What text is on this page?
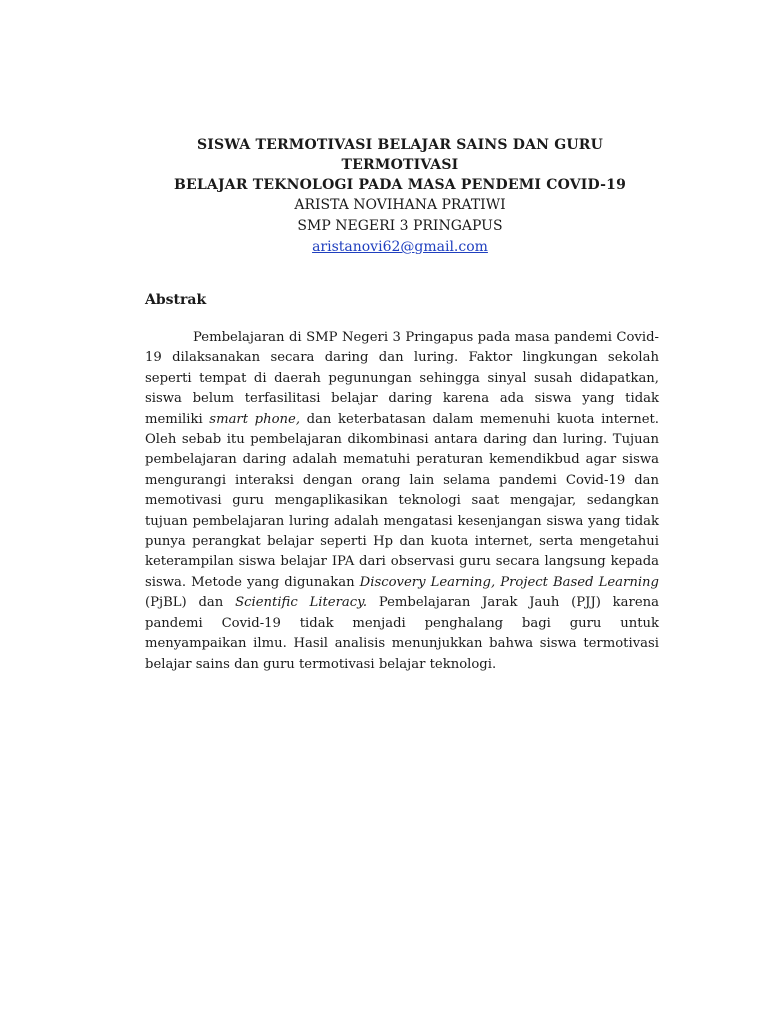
SISWA TERMOTIVASI BELAJAR SAINS DAN GURU TERMOTIVASI
BELAJAR TEKNOLOGI PADA MASA PENDEMI COVID-19
ARISTA NOVIHANA PRATIWI
SMP NEGERI 3 PRINGAPUS
aristanovi62@gmail.com
Abstrak

Pembelajaran di SMP Negeri 3 Pringapus pada masa pandemi Covid-19 dilaksanakan secara daring dan luring. Faktor lingkungan sekolah seperti tempat di daerah pegunungan sehingga sinyal susah didapatkan, siswa belum terfasilitasi belajar daring karena ada siswa yang tidak memiliki smart phone, dan keterbatasan dalam memenuhi kuota internet. Oleh sebab itu pembelajaran dikombinasi antara daring dan luring. Tujuan pembelajaran daring adalah mematuhi peraturan kemendikbud agar siswa mengurangi interaksi dengan orang lain selama pandemi Covid-19 dan memotivasi guru mengaplikasikan teknologi saat mengajar, sedangkan tujuan pembelajaran luring adalah mengatasi kesenjangan siswa yang tidak punya perangkat belajar seperti Hp dan kuota internet, serta mengetahui keterampilan siswa belajar IPA dari observasi guru secara langsung kepada siswa. Metode yang digunakan Discovery Learning, Project Based Learning (PjBL) dan Scientific Literacy. Pembelajaran Jarak Jauh (PJJ) karena pandemi Covid-19 tidak menjadi penghalang bagi guru untuk menyampaikan ilmu. Hasil analisis menunjukkan bahwa siswa termotivasi belajar sains dan guru termotivasi belajar teknologi.
